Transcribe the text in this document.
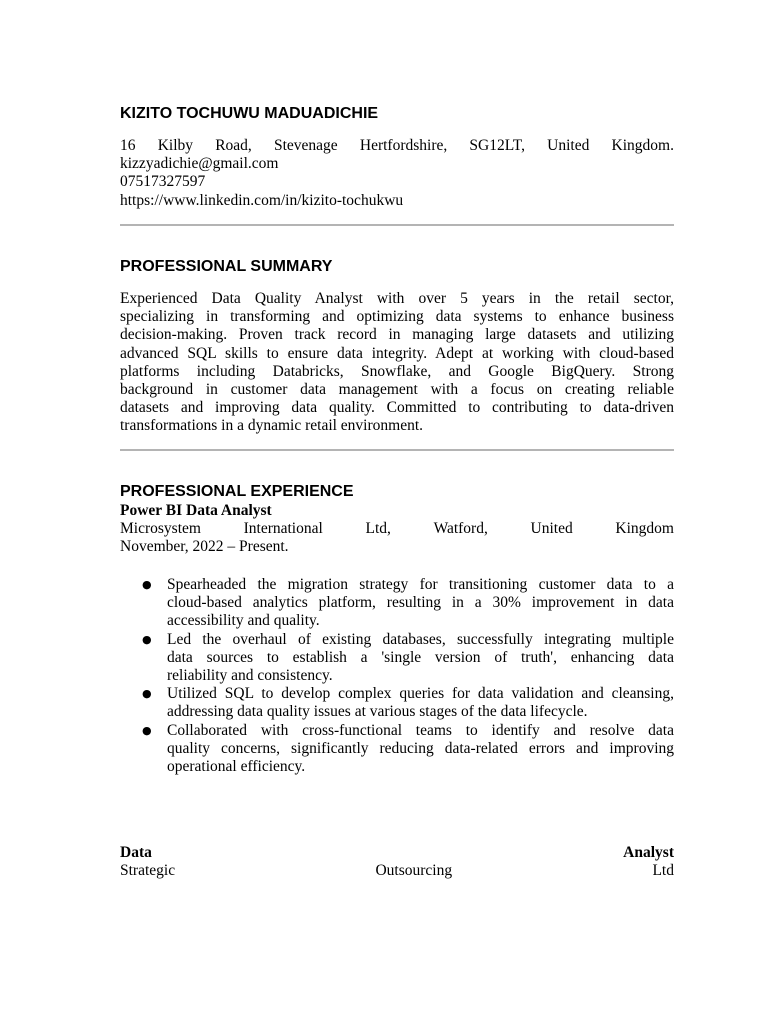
KIZITO TOCHUWU MADUADICHIE
16 Kilby Road, Stevenage Hertfordshire, SG12LT, United Kingdom.
kizzyadichie@gmail.com
07517327597
https://www.linkedin.com/in/kizito-tochukwu
PROFESSIONAL SUMMARY
Experienced Data Quality Analyst with over 5 years in the retail sector,
specializing in transforming and optimizing data systems to enhance business
decision-making. Proven track record in managing large datasets and utilizing
advanced SQL skills to ensure data integrity. Adept at working with cloud-based
platforms including Databricks, Snowflake, and Google BigQuery. Strong
background in customer data management with a focus on creating reliable
datasets and improving data quality. Committed to contributing to data-driven
transformations in a dynamic retail environment.
PROFESSIONAL EXPERIENCE
Power BI Data Analyst
Microsystem	International	Ltd,	Watford,	United	Kingdom
November, 2022 – Present.
● Spearheaded the migration strategy for transitioning customer data to a
cloud-based analytics platform, resulting in a 30% improvement in data
accessibility and quality.
● Led the overhaul of existing databases, successfully integrating multiple
data sources to establish a 'single version of truth', enhancing data
reliability and consistency.
● Utilized SQL to develop complex queries for data validation and cleansing,
addressing data quality issues at various stages of the data lifecycle.
● Collaborated with cross-functional teams to identify and resolve data
quality concerns, significantly reducing data-related errors and improving
operational efficiency.
Data	Analyst
Strategic	Outsourcing	Ltd
